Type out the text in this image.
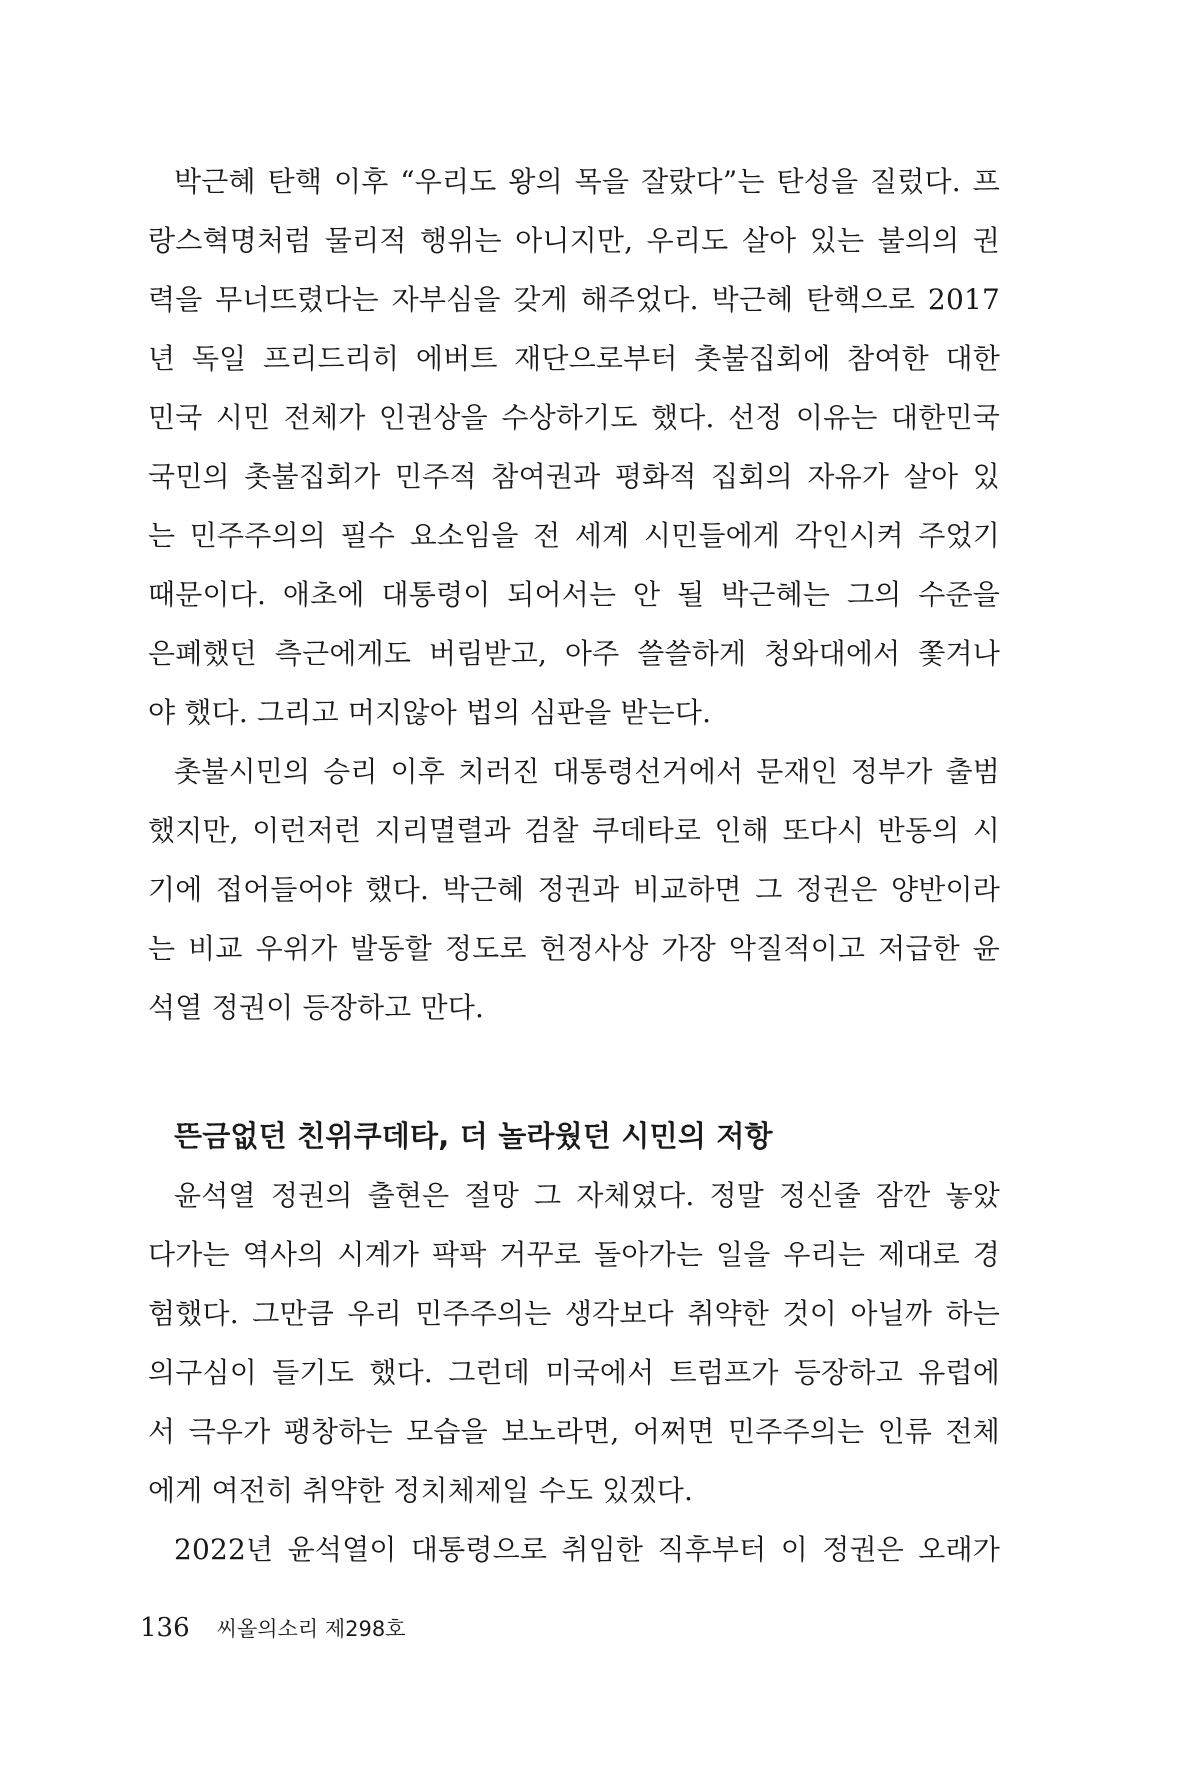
박근혜 탄핵 이후 “우리도 왕의 목을 잘랐다”는 탄성을 질렀다. 프
랑스혁명처럼 물리적 행위는 아니지만, 우리도 살아 있는 불의의 권
력을 무너뜨렸다는 자부심을 갖게 해주었다. 박근혜 탄핵으로 2017
년 독일 프리드리히 에버트 재단으로부터 촛불집회에 참여한 대한
민국 시민 전체가 인권상을 수상하기도 했다. 선정 이유는 대한민국
국민의 촛불집회가 민주적 참여권과 평화적 집회의 자유가 살아 있
는 민주주의의 필수 요소임을 전 세계 시민들에게 각인시켜 주었기
때문이다. 애초에 대통령이 되어서는 안 될 박근혜는 그의 수준을
은폐했던 측근에게도 버림받고, 아주 쓸쓸하게 청와대에서 쫓겨나
야 했다. 그리고 머지않아 법의 심판을 받는다.
촛불시민의 승리 이후 치러진 대통령선거에서 문재인 정부가 출범
했지만, 이런저런 지리멸렬과 검찰 쿠데타로 인해 또다시 반동의 시
기에 접어들어야 했다. 박근혜 정권과 비교하면 그 정권은 양반이라
는 비교 우위가 발동할 정도로 헌정사상 가장 악질적이고 저급한 윤
석열 정권이 등장하고 만다.
뜬금없던 친위쿠데타, 더 놀라웠던 시민의 저항
윤석열 정권의 출현은 절망 그 자체였다. 정말 정신줄 잠깐 놓았
다가는 역사의 시계가 팍팍 거꾸로 돌아가는 일을 우리는 제대로 경
험했다. 그만큼 우리 민주주의는 생각보다 취약한 것이 아닐까 하는
의구심이 들기도 했다. 그런데 미국에서 트럼프가 등장하고 유럽에
서 극우가 팽창하는 모습을 보노라면, 어쩌면 민주주의는 인류 전체
에게 여전히 취약한 정치체제일 수도 있겠다.
2022년 윤석열이 대통령으로 취임한 직후부터 이 정권은 오래가
136 씨올의소리 제298호
